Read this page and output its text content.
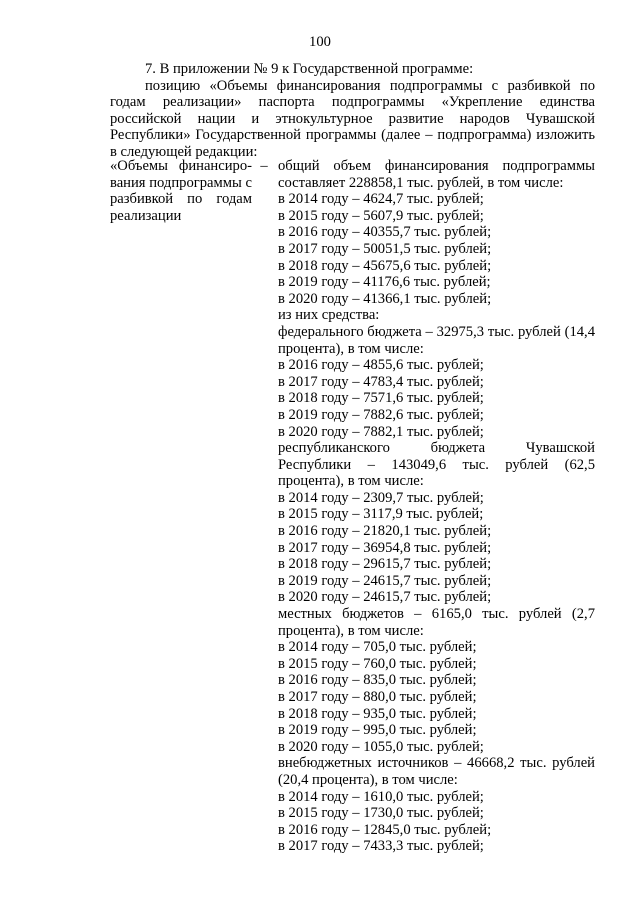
100

7. В приложении № 9 к Государственной программе:

позицию «Объемы финансирования подпрограммы с разбивкой по годам реализации» паспорта подпрограммы «Укрепление единства российской нации и этнокультурное развитие народов Чувашской Республики» Государственной программы (далее – подпрограмма) изложить в следующей редакции:

«Объемы финансирования подпрограммы с разбивкой по годам реализации
– общий объем финансирования подпрограммы составляет 228858,1 тыс. рублей, в том числе:
в 2014 году – 4624,7 тыс. рублей;
в 2015 году – 5607,9 тыс. рублей;
в 2016 году – 40355,7 тыс. рублей;
в 2017 году – 50051,5 тыс. рублей;
в 2018 году – 45675,6 тыс. рублей;
в 2019 году – 41176,6 тыс. рублей;
в 2020 году – 41366,1 тыс. рублей;
из них средства:
федерального бюджета – 32975,3 тыс. рублей (14,4 процента), в том числе:
в 2016 году – 4855,6 тыс. рублей;
в 2017 году – 4783,4 тыс. рублей;
в 2018 году – 7571,6 тыс. рублей;
в 2019 году – 7882,6 тыс. рублей;
в 2020 году – 7882,1 тыс. рублей;
республиканского бюджета Чувашской Республики – 143049,6 тыс. рублей (62,5 процента), в том числе:
в 2014 году – 2309,7 тыс. рублей;
в 2015 году – 3117,9 тыс. рублей;
в 2016 году – 21820,1 тыс. рублей;
в 2017 году – 36954,8 тыс. рублей;
в 2018 году – 29615,7 тыс. рублей;
в 2019 году – 24615,7 тыс. рублей;
в 2020 году – 24615,7 тыс. рублей;
местных бюджетов – 6165,0 тыс. рублей (2,7 процента), в том числе:
в 2014 году – 705,0 тыс. рублей;
в 2015 году – 760,0 тыс. рублей;
в 2016 году – 835,0 тыс. рублей;
в 2017 году – 880,0 тыс. рублей;
в 2018 году – 935,0 тыс. рублей;
в 2019 году – 995,0 тыс. рублей;
в 2020 году – 1055,0 тыс. рублей;
внебюджетных источников – 46668,2 тыс. рублей (20,4 процента), в том числе:
в 2014 году – 1610,0 тыс. рублей;
в 2015 году – 1730,0 тыс. рублей;
в 2016 году – 12845,0 тыс. рублей;
в 2017 году – 7433,3 тыс. рублей;
